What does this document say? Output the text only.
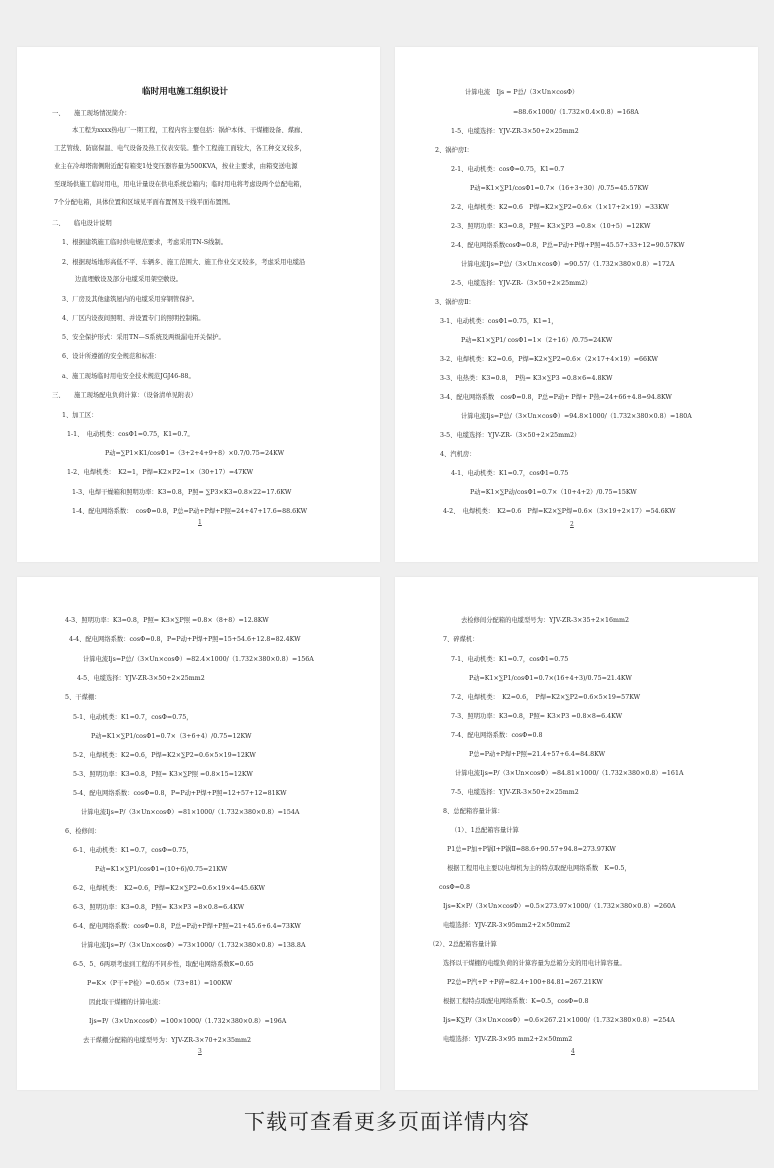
临时用电施工组织设计
一、　　施工现场情况简介：
本工程为xxxx热电厂一期工程，工程内容主要包括：锅炉本体、干煤棚设备、煤廊、
工艺管线、防腐保温、电气设备及热工仪表安装。整个工程施工面较大，各工种交叉较多，
业主在冷却塔南侧附近配有箱变1处变压器容量为500KVA，按业主要求，由箱变送电源
至现场供施工临时用电，用电计量设在供电系统总箱内；临时用电将考虑设两个总配电箱，
7个分配电箱，具体位置和区域见平面布置图及干线平面布置图。
二、　　临电设计说明
1、根据建筑施工临时供电规范要求，考虑采用TN-S线制。
2、根据现场地形高低不平、车辆多、施工范围大、施工作业交叉较多，考虑采用电缆沿
边直埋敷设及部分电缆采用架空敷设。
3、厂房及其他建筑屋内的电缆采用穿钢管保护。
4、厂区内设夜间照明、并设置专门的照明控制箱。
5、安全保护形式：采用TN—S系统及两级漏电开关保护。
6、设计所遵循的安全规范和标准：
a、施工现场临时用电安全技术规范JGJ46-88。
三、　　施工现场配电负荷计算：（设备清单见附表）
1、加工区：
1-1、　电动机类：cosΦ1=0.75，K1=0.7。
P动=∑P1×K1/cosΦ1=（3+2+4+9+8）×0.7/0.75=24KW
1-2、电焊机类：　K2=1，P焊=K2×P2=1×（30+17）=47KW
1-3、电焊干燥箱和照明功率：K3=0.8，P照= ∑P3×K3=0.8×22=17.6KW
1-4、配电网络系数：　cosΦ=0.8，P总=P动+P焊+P照=24+47+17.6=88.6KW
1
计算电流　Ijs = P总/（3×Un×cosΦ）
=88.6×1000/（1.732×0.4×0.8）=168A
1-5、电缆选择：YJV-ZR-3×50+2×25mm2
2、锅炉房Ⅰ：
2-1、电动机类：cosΦ=0.75，K1=0.7
P动=K1×∑P1/cosΦ1=0.7×（16+3+30）/0.75=45.57KW
2-2、电焊机类：K2=0.6　P焊=K2×∑P2=0.6×（1×17+2×19）=33KW
2-3、照明功率：K3=0.8，P照= K3×∑P3 =0.8×（10+5）=12KW
2-4、配电网络系数cosΦ=0.8，P总=P动+P焊+P照=45.57+33+12=90.57KW
计算电流Ijs=P总/（3×Un×cosΦ）=90.57/（1.732×380×0.8）=172A
2-5、电缆选择：YJV-ZR-（3×50+2×25mm2）
3、锅炉房Ⅱ：
3-1、电动机类：cosΦ1=0.75，K1=1，
P动=K1×∑P1/ cosΦ1=1×（2+16）/0.75=24KW
3-2、电焊机类：K2=0.6，P焊=K2×∑P2=0.6×（2×17+4×19）=66KW
3-3、电热类：K3=0.8，　P热= K3×∑P3 =0.8×6=4.8KW
3-4、配电网络系数　cosΦ=0.8，P总=P动+ P焊+ P热=24+66+4.8=94.8KW
计算电流Ijs=P总/（3×Un×cosΦ）=94.8×1000/（1.732×380×0.8）=180A
3-5、电缆选择：YJV-ZR-（3×50+2×25mm2）
4、汽机房：
4-1、电动机类：K1=0.7，cosΦ1=0.75
P动=K1×∑P动/cosΦ1=0.7×（10+4+2）/0.75=15KW
4-2、　电焊机类：　K2=0.6　P焊=K2×∑P焊=0.6×（3×19+2×17）=54.6KW
2
4-3、照明功率：K3=0.8，P照= K3×∑P照 =0.8×（8+8）=12.8KW
4-4、配电网络系数：cosΦ=0.8，P=P动+P焊+P照=15+54.6+12.8=82.4KW
计算电流Ijs=P总/（3×Un×cosΦ）=82.4×1000/（1.732×380×0.8）=156A
4-5、电缆选择：YJV-ZR-3×50+2×25mm2
5、干煤棚：
5-1、电动机类：K1=0.7，cosΦ=0.75，
P动=K1×∑P1/cosΦ1=0.7×（3+6+4）/0.75=12KW
5-2、电焊机类：K2=0.6，P焊=K2×∑P2=0.6×5×19=12KW
5-3、照明功率：K3=0.8，P照= K3×∑P照 =0.8×15=12KW
5-4、配电网络系数：cosΦ=0.8，P=P动+P焊+P照=12+57+12=81KW
计算电流Ijs=P/（3×Un×cosΦ）=81×1000/（1.732×380×0.8）=154A
6、检修间：
6-1、电动机类：K1=0.7，cosΦ=0.75，
P动=K1×∑P1/cosΦ1=(10+6)/0.75=21KW
6-2、电焊机类：　K2=0.6，P焊=K2×∑P2=0.6×19×4=45.6KW
6-3、照明功率：K3=0.8，P照= K3×P3 =8×0.8=6.4KW
6-4、配电网络系数：cosΦ=0.8，P总=P动+P焊+P照=21+45.6+6.4=73KW
计算电流Ijs=P/（3×Un×cosΦ）=73×1000/（1.732×380×0.8）=138.8A
6-5、5、6两项考虑到工程的不同步性，取配电网络系数K=0.65
P=K×（P干+P检）=0.65×（73+81）=100KW
因此取干煤棚的计算电流：
Ijs=P/（3×Un×cosΦ）=100×1000/（1.732×380×0.8）=196A
去干煤棚分配箱的电缆型号为：YJV-ZR-3×70+2×35mm2
3
去检修间分配箱的电缆型号为：YJV-ZR-3×35+2×16mm2
7、碎煤机：
7-1、电动机类：K1=0.7，cosΦ1=0.75
P动=K1×∑P1/cosΦ1=0.7×(16+4+3)/0.75=21.4KW
7-2、电焊机类：　K2=0.6，　P焊=K2×∑P2=0.6×5×19=57KW
7-3、照明功率：K3=0.8，P照= K3×P3 =0.8×8=6.4KW
7-4、配电网络系数：cosΦ=0.8
P总=P动+P焊+P照=21.4+57+6.4=84.8KW
计算电流Ijs=P/（3×Un×cosΦ）=84.81×1000/（1.732×380×0.8）=161A
7-5、电缆选择：YJV-ZR-3×50+2×25mm2
8、总配箱容量计算：
（1）、1总配箱容量计算
P1总=P加+P锅Ⅰ+P锅Ⅱ=88.6+90.57+94.8=273.97KW
根据工程用电主要以电焊机为主的特点取配电网络系数　K=0.5，
cosΦ=0.8
Ijs=K×P/（3×Un×cosΦ）=0.5×273.97×1000/（1.732×380×0.8）=260A
电缆选择：YJV-ZR-3×95mm2+2×50mm2
（2）、2总配箱容量计算
选择以干煤棚的电缆负荷的计算容量为总箱分支的用电计算容量。
P2总=P汽+P +P碎=82.4+100+84.81=267.21KW
根据工程特点取配电网络系数：K=0.5，cosΦ=0.8
Ijs=K∑P/（3×Un×cosΦ）=0.6×267.21×1000/（1.732×380×0.8）=254A
电缆选择：YJV-ZR-3×95 mm2+2×50mm2
4
下载可查看更多页面详情内容
